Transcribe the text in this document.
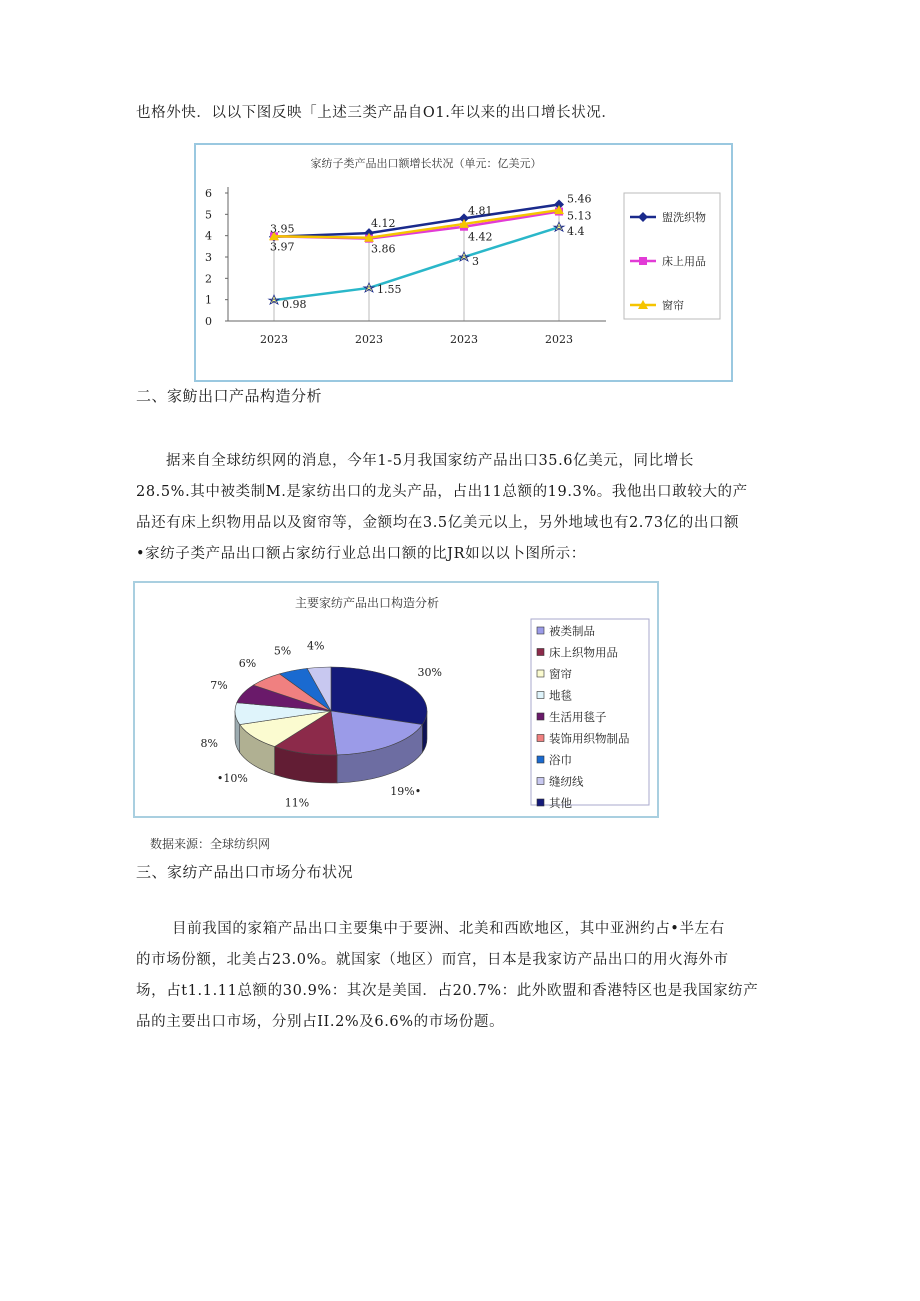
也格外快．以以下图反映「上述三类产品自O1.年以来的出口增长状况．
家纺子类产品出口额增长状况（单元：亿美元）
0
1
2
3
4
5
6
2023	2023	2023	2023
3.95
3.97
4.12
3.86
4.81
4.42
5.46
5.13
0.98
1.55
3
4.4
盥洗织物
床上用品
窗帘
二、家鲂出口产品构造分析
据来自全球纺织网的消息，今年1-5月我国家纺产品出口35.6亿美元，同比增长
28.5%.其中被类制M.是家纺出口的龙头产品，占出11总额的19.3%。我他出口敢较大的产
品还有床上织物用品以及窗帘等，金额均在3.5亿美元以上，另外地域也有2.73亿的出口额
•家纺子类产品出口额占家纺行业总出口额的比JR如以以卜图所示：
主要家纺产品出口构造分析
30%
19%•
11%
•10%
8%
7%
6%
5% 4%
被类制品
床上织物用品
窗帘
地毯
生活用毯子
装饰用织物制品
浴巾
缝纫线
其他
数据来源：全球纺织网
三、家纺产品出口市场分布状况
目前我国的家箱产品出口主要集中于要洲、北美和西欧地区，其中亚洲约占•半左右
的市场份额，北美占23.0%。就国家（地区）而宫，日本是我家访产品出口的用火海外市
场，占t1.1.11总额的30.9%：其次是美国．占20.7%：此外欧盟和香港特区也是我国家纺产
品的主要出口市场，分别占II.2%及6.6%的市场份题。
